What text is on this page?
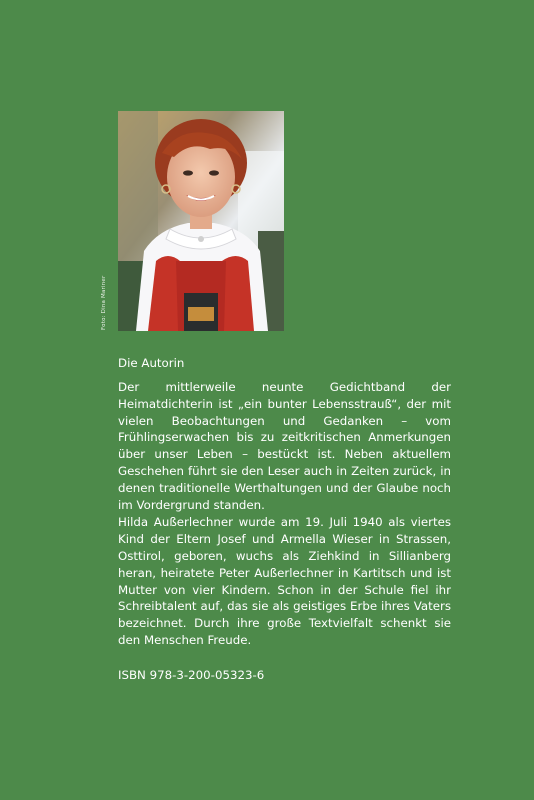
Foto: Dina Mariner
Die Autorin

Der mittlerweile neunte Gedichtband der Heimatdichterin ist „ein bunter Lebensstrauß“, der mit vielen Beobachtungen und Gedanken – vom Frühlingserwachen bis zu zeitkritischen Anmerkungen über unser Leben – bestückt ist. Neben aktuellem Geschehen führt sie den Leser auch in Zeiten zurück, in denen traditionelle Werthaltungen und der Glaube noch im Vordergrund standen.

Hilda Außerlechner wurde am 19. Juli 1940 als viertes Kind der Eltern Josef und Armella Wieser in Strassen, Osttirol, geboren, wuchs als Ziehkind in Sillianberg heran, heiratete Peter Außerlechner in Kartitsch und ist Mutter von vier Kindern. Schon in der Schule fiel ihr Schreibtalent auf, das sie als geistiges Erbe ihres Vaters bezeichnet. Durch ihre große Textvielfalt schenkt sie den Menschen Freude.

ISBN 978-3-200-05323-6
